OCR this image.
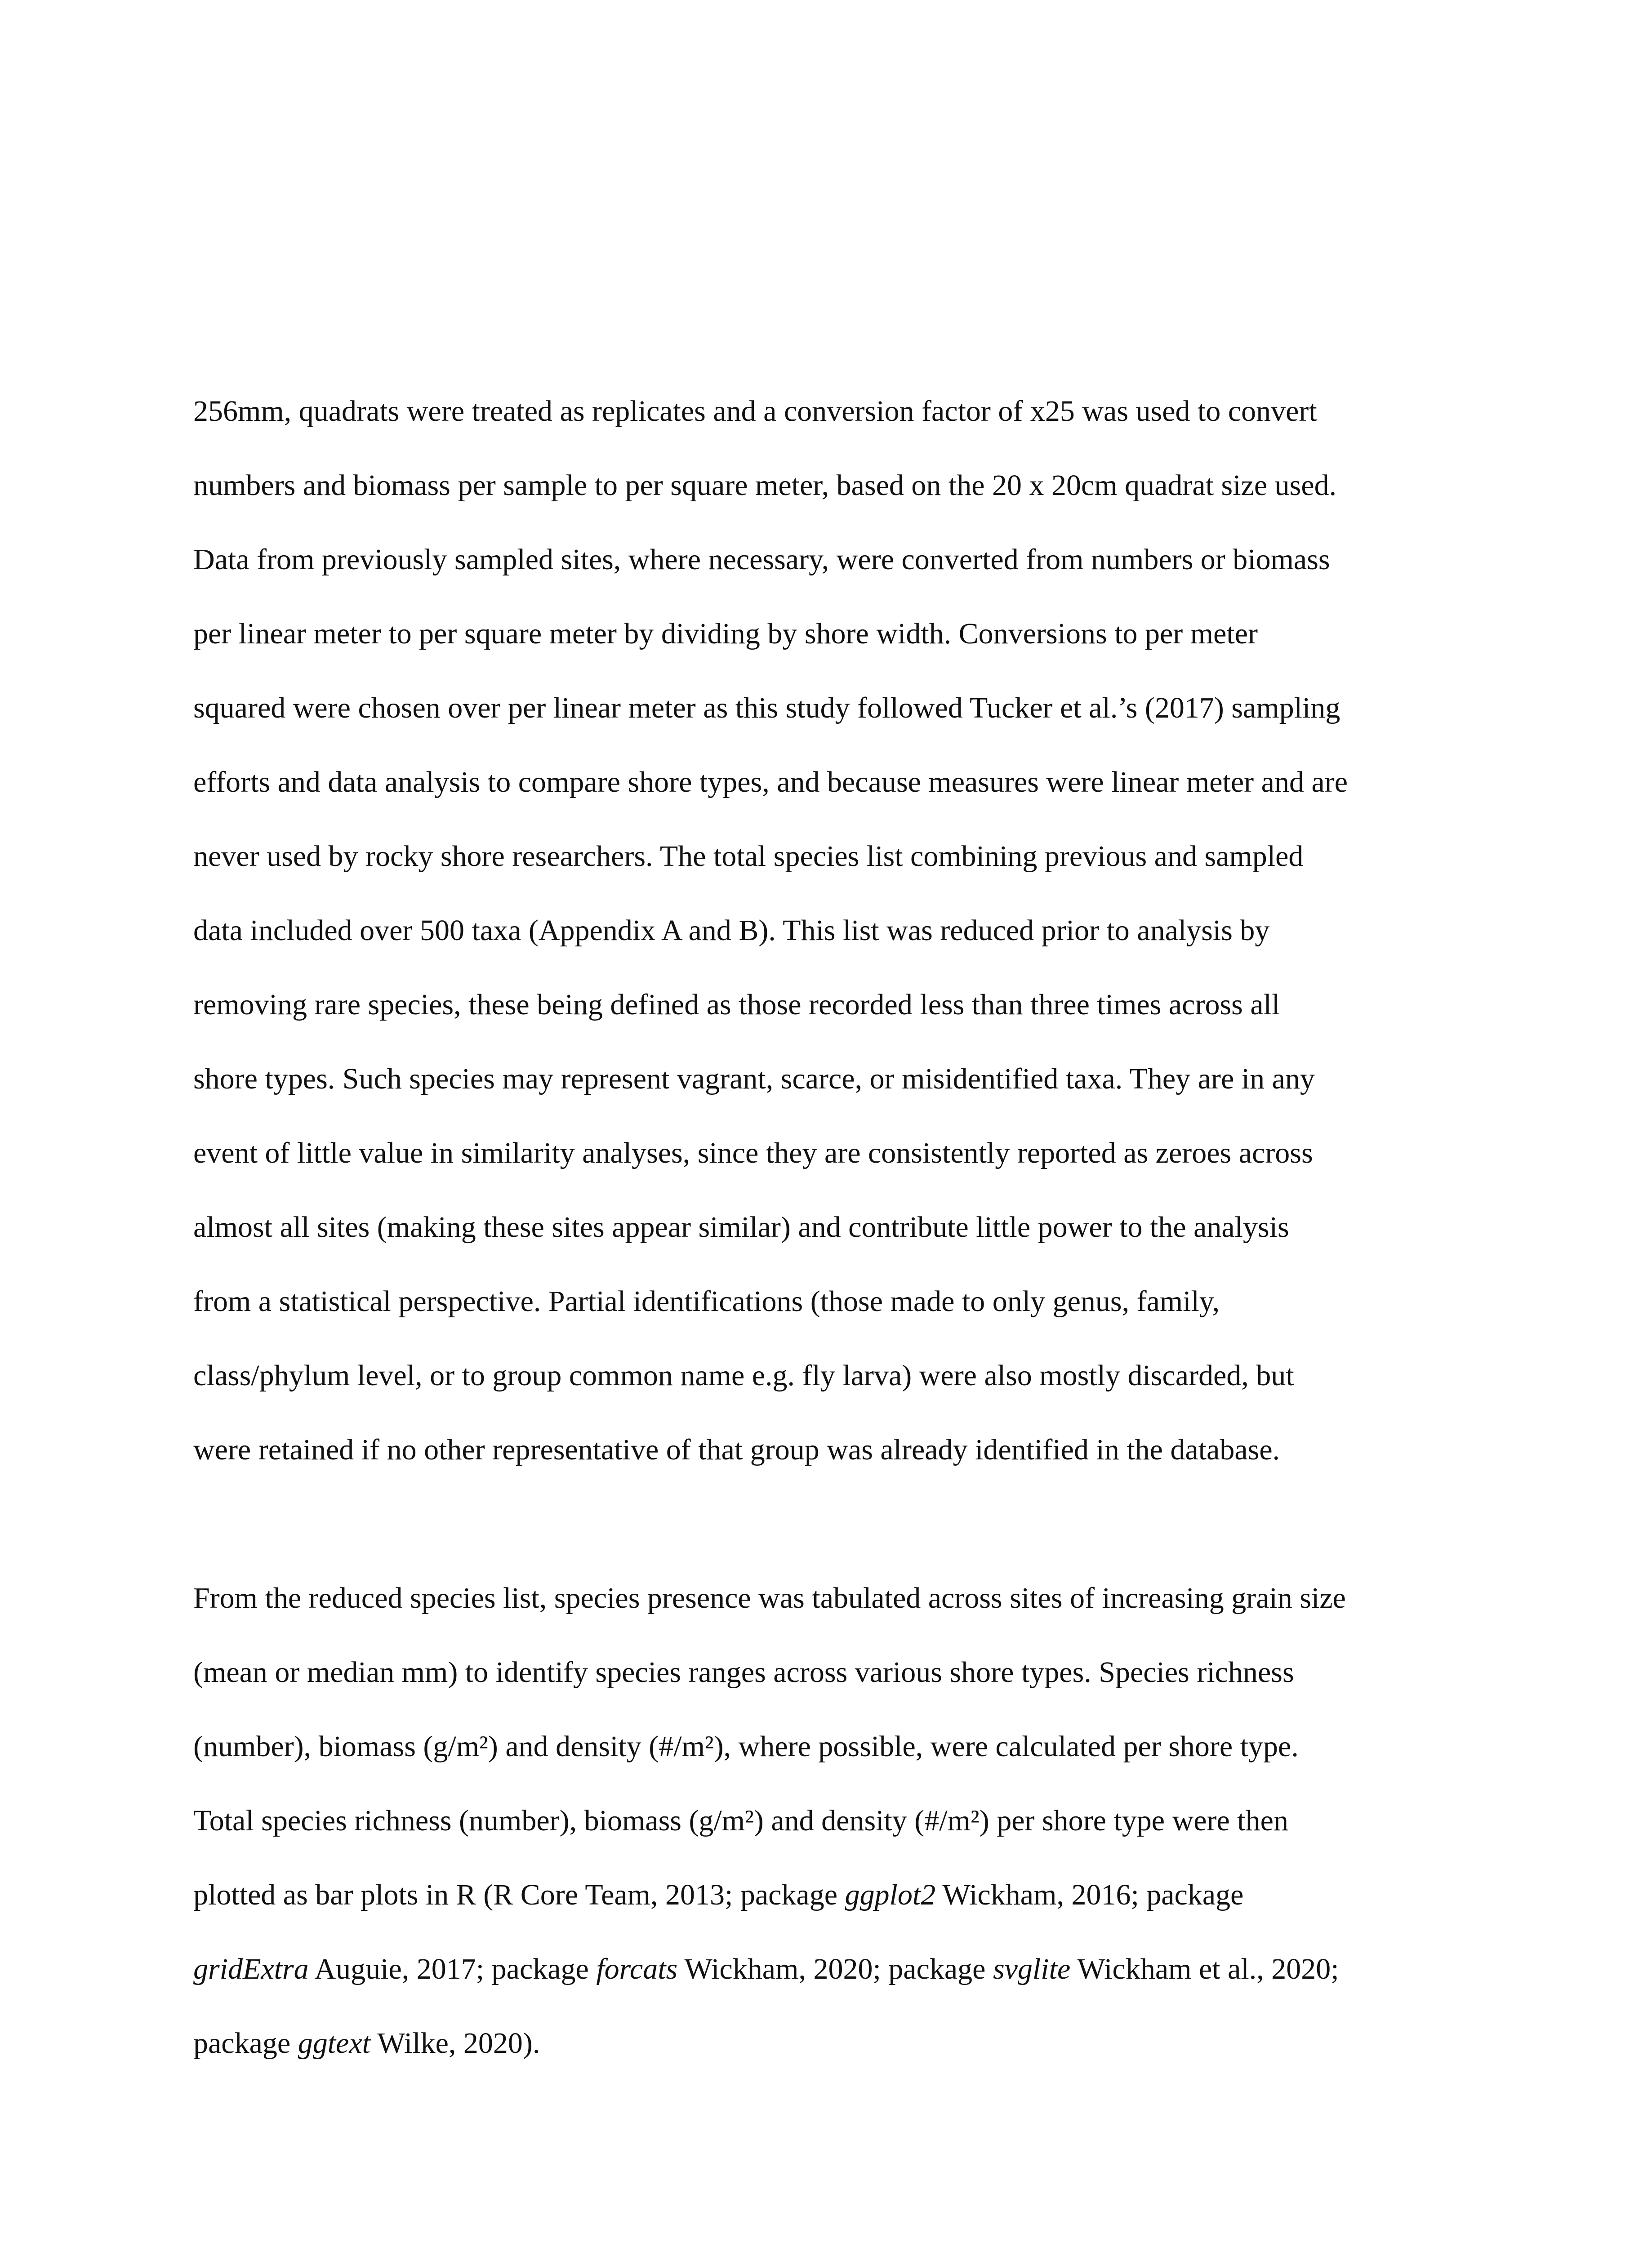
256mm, quadrats were treated as replicates and a conversion factor of x25 was used to convert
numbers and biomass per sample to per square meter, based on the 20 x 20cm quadrat size used.
Data from previously sampled sites, where necessary, were converted from numbers or biomass
per linear meter to per square meter by dividing by shore width. Conversions to per meter
squared were chosen over per linear meter as this study followed Tucker et al.’s (2017) sampling
efforts and data analysis to compare shore types, and because measures were linear meter and are
never used by rocky shore researchers. The total species list combining previous and sampled
data included over 500 taxa (Appendix A and B). This list was reduced prior to analysis by
removing rare species, these being defined as those recorded less than three times across all
shore types. Such species may represent vagrant, scarce, or misidentified taxa. They are in any
event of little value in similarity analyses, since they are consistently reported as zeroes across
almost all sites (making these sites appear similar) and contribute little power to the analysis
from a statistical perspective. Partial identifications (those made to only genus, family,
class/phylum level, or to group common name e.g. fly larva) were also mostly discarded, but
were retained if no other representative of that group was already identified in the database.
From the reduced species list, species presence was tabulated across sites of increasing grain size
(mean or median mm) to identify species ranges across various shore types. Species richness
(number), biomass (g/m²) and density (#/m²), where possible, were calculated per shore type.
Total species richness (number), biomass (g/m²) and density (#/m²) per shore type were then
plotted as bar plots in R (R Core Team, 2013; package ggplot2 Wickham, 2016; package
gridExtra Auguie, 2017; package forcats Wickham, 2020; package svglite Wickham et al., 2020;
package ggtext Wilke, 2020).
